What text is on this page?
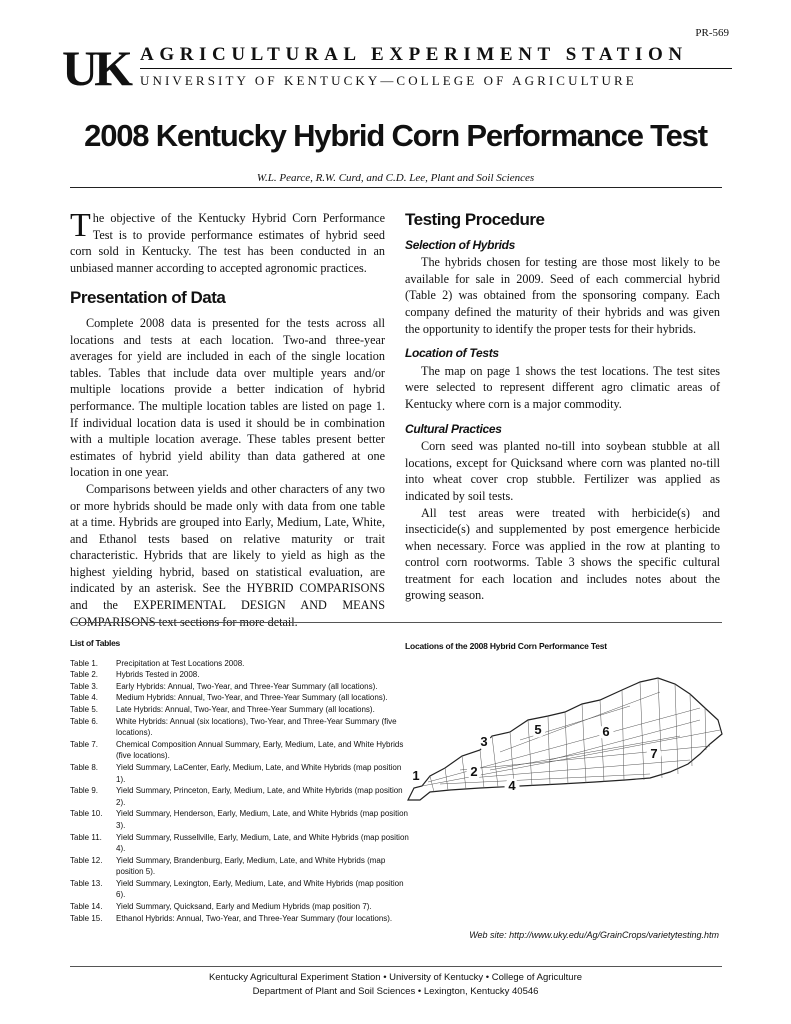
PR-569
UK AGRICULTURAL EXPERIMENT STATION
UNIVERSITY OF KENTUCKY—COLLEGE OF AGRICULTURE
2008 Kentucky Hybrid Corn Performance Test
W.L. Pearce, R.W. Curd, and C.D. Lee, Plant and Soil Sciences

The objective of the Kentucky Hybrid Corn Performance Test is to provide performance estimates of hybrid seed corn sold in Kentucky. The test has been conducted in an unbiased manner according to accepted agronomic practices.

Presentation of Data

Complete 2008 data is presented for the tests across all locations and tests at each location. Two-and three-year averages for yield are included in each of the single location tables. Tables that include data over multiple years and/or multiple locations provide a better indication of hybrid performance. The multiple location tables are listed on page 1. If individual location data is used it should be in combination with a multiple location average. These tables present better estimates of hybrid yield ability than data gathered at one location in one year.

Comparisons between yields and other characters of any two or more hybrids should be made only with data from one table at a time. Hybrids are grouped into Early, Medium, Late, White, and Ethanol tests based on relative maturity or trait characteristic. Hybrids that are likely to yield as high as the highest yielding hybrid, based on statistical evaluation, are indicated by an asterisk. See the HYBRID COMPARISONS and the EXPERIMENTAL DESIGN AND MEANS COMPARISONS text sections for more detail.

Testing Procedure
Selection of Hybrids

The hybrids chosen for testing are those most likely to be available for sale in 2009. Seed of each commercial hybrid (Table 2) was obtained from the sponsoring company. Each company defined the maturity of their hybrids and was given the opportunity to identify the proper tests for their hybrids.

Location of Tests

The map on page 1 shows the test locations. The test sites were selected to represent different agro climatic areas of Kentucky where corn is a major commodity.

Cultural Practices

Corn seed was planted no-till into soybean stubble at all locations, except for Quicksand where corn was planted no-till into wheat cover crop stubble. Fertilizer was applied as indicated by soil tests.

All test areas were treated with herbicide(s) and insecticide(s) and supplemented by post emergence herbicide when necessary. Force was applied in the row at planting to control corn rootworms. Table 3 shows the specific cultural treatment for each location and includes notes about the growing season.

List of Tables
Table 1.	Precipitation at Test Locations 2008.
Table 2.	Hybrids Tested in 2008.
Table 3.	Early Hybrids: Annual, Two-Year, and Three-Year Summary (all locations).
Table 4.	Medium Hybrids: Annual, Two-Year, and Three-Year Summary (all locations).
Table 5.	Late Hybrids: Annual, Two-Year, and Three-Year Summary (all locations).
Table 6.	White Hybrids: Annual (six locations), Two-Year, and Three-Year Summary (five locations).
Table 7.	Chemical Composition Annual Summary, Early, Medium, Late, and White Hybrids (five locations).
Table 8.	Yield Summary, LaCenter, Early, Medium, Late, and White Hybrids (map position 1).
Table 9.	Yield Summary, Princeton, Early, Medium, Late, and White Hybrids (map position 2).
Table 10.	Yield Summary, Henderson, Early, Medium, Late, and White Hybrids (map position 3).
Table 11.	Yield Summary, Russellville, Early, Medium, Late, and White Hybrids (map position 4).
Table 12.	Yield Summary, Brandenburg, Early, Medium, Late, and White Hybrids (map position 5).
Table 13.	Yield Summary, Lexington, Early, Medium, Late, and White Hybrids (map position 6).
Table 14.	Yield Summary, Quicksand, Early and Medium Hybrids (map position 7).
Table 15.	Ethanol Hybrids: Annual, Two-Year, and Three-Year Summary (four locations).
Locations of the 2008 Hybrid Corn Performance Test
1	2
3
4
5	6
7
Web site: http://www.uky.edu/Ag/GrainCrops/varietytesting.htm
Kentucky Agricultural Experiment Station • University of Kentucky • College of Agriculture
Department of Plant and Soil Sciences • Lexington, Kentucky 40546
